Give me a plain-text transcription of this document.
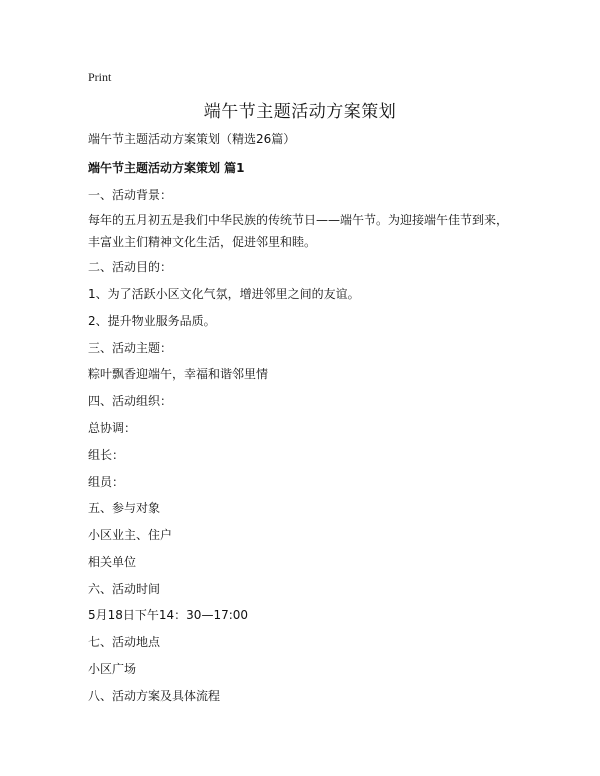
Print
端午节主题活动方案策划
端午节主题活动方案策划（精选26篇）
端午节主题活动方案策划 篇1
一、活动背景：
每年的五月初五是我们中华民族的传统节日——端午节。为迎接端午佳节到来，丰富业主们精神文化生活，促进邻里和睦。
二、活动目的：
1、为了活跃小区文化气氛，增进邻里之间的友谊。
2、提升物业服务品质。
三、活动主题：
粽叶飘香迎端午，幸福和谐邻里情
四、活动组织：
总协调：
组长：
组员：
五、参与对象
小区业主、住户
相关单位
六、活动时间
5月18日下午14：30—17:00
七、活动地点
小区广场
八、活动方案及具体流程
